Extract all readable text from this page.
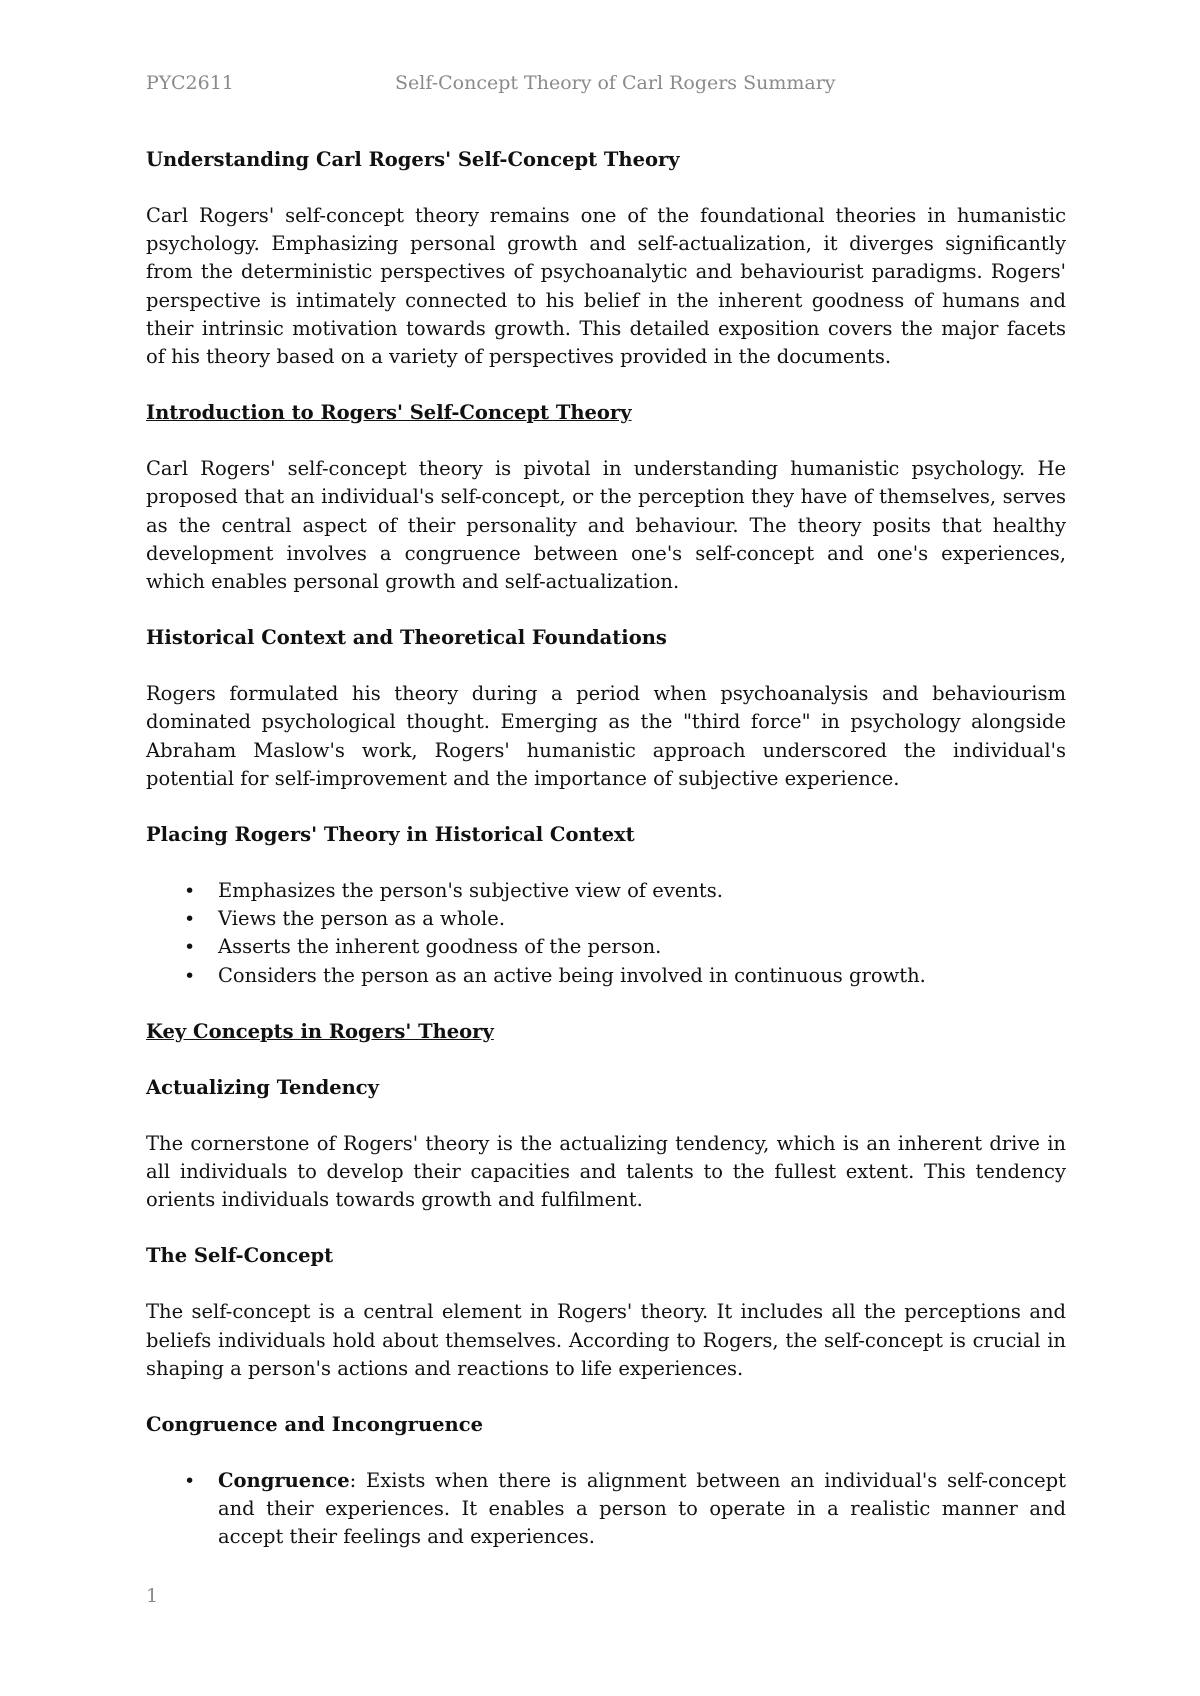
PYC2611	Self-Concept Theory of Carl Rogers Summary
Understanding Carl Rogers' Self-Concept Theory

Carl Rogers' self-concept theory remains one of the foundational theories in humanistic psychology. Emphasizing personal growth and self-actualization, it diverges significantly from the deterministic perspectives of psychoanalytic and behaviourist paradigms. Rogers' perspective is intimately connected to his belief in the inherent goodness of humans and their intrinsic motivation towards growth. This detailed exposition covers the major facets of his theory based on a variety of perspectives provided in the documents.

Introduction to Rogers' Self-Concept Theory

Carl Rogers' self-concept theory is pivotal in understanding humanistic psychology. He proposed that an individual's self-concept, or the perception they have of themselves, serves as the central aspect of their personality and behaviour. The theory posits that healthy development involves a congruence between one's self-concept and one's experiences, which enables personal growth and self-actualization.

Historical Context and Theoretical Foundations

Rogers formulated his theory during a period when psychoanalysis and behaviourism dominated psychological thought. Emerging as the "third force" in psychology alongside Abraham Maslow's work, Rogers' humanistic approach underscored the individual's potential for self-improvement and the importance of subjective experience.

Placing Rogers' Theory in Historical Context
• Emphasizes the person's subjective view of events.
• Views the person as a whole.
• Asserts the inherent goodness of the person.
• Considers the person as an active being involved in continuous growth.
Key Concepts in Rogers' Theory
Actualizing Tendency

The cornerstone of Rogers' theory is the actualizing tendency, which is an inherent drive in all individuals to develop their capacities and talents to the fullest extent. This tendency orients individuals towards growth and fulfilment.

The Self-Concept

The self-concept is a central element in Rogers' theory. It includes all the perceptions and beliefs individuals hold about themselves. According to Rogers, the self-concept is crucial in shaping a person's actions and reactions to life experiences.

Congruence and Incongruence
• Congruence: Exists when there is alignment between an individual's self-concept and their experiences. It enables a person to operate in a realistic manner and accept their feelings and experiences.
1
